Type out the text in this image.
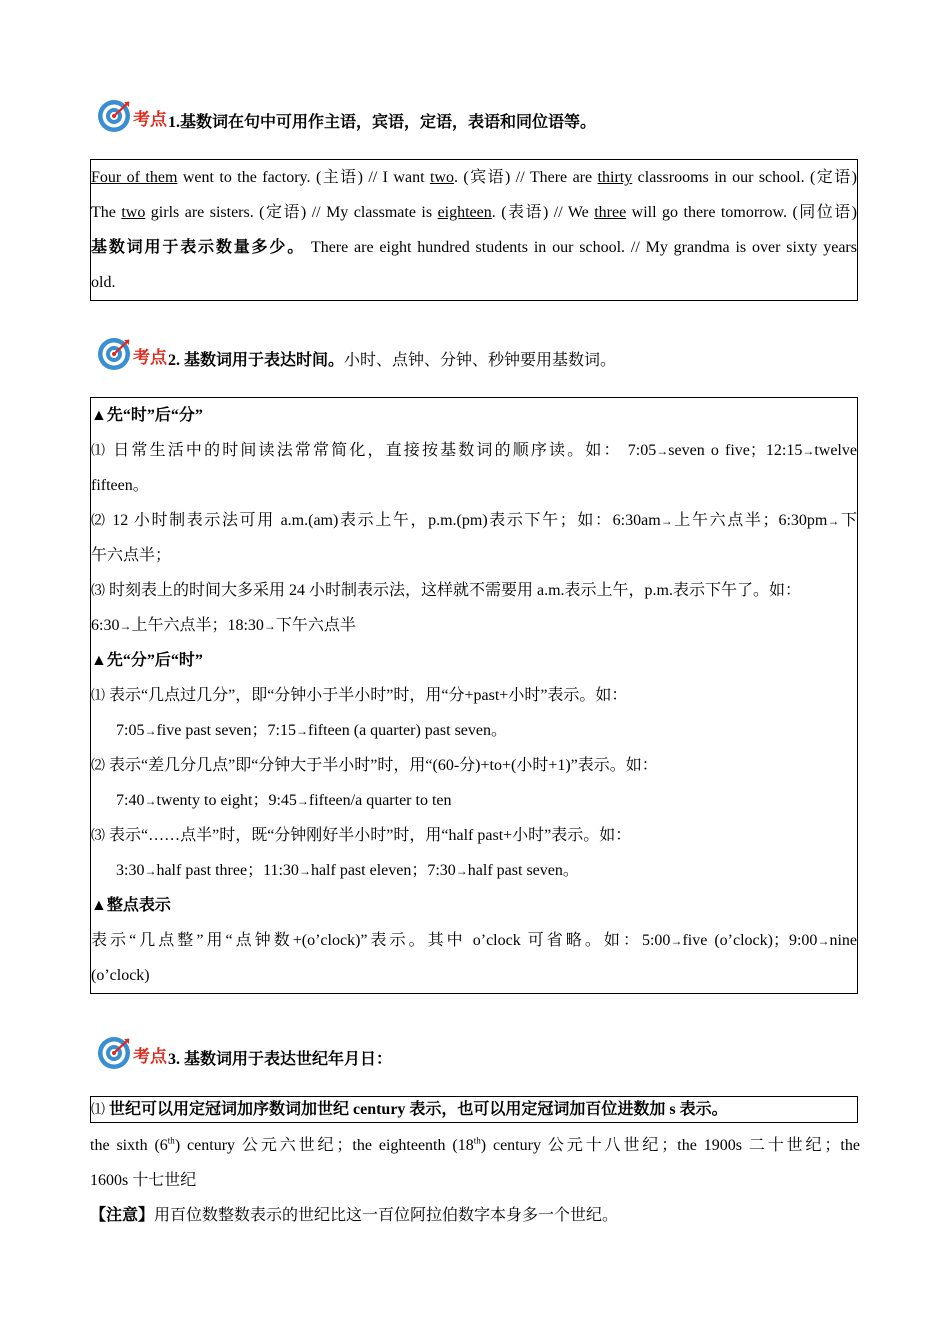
考点 1.基数词在句中可用作主语，宾语，定语，表语和同位语等。
Four of them went to the factory. (主语) // I want two. (宾语) // There are thirty classrooms in our school. (定语)
The two girls are sisters. (定语) // My classmate is eighteen. (表语) // We three will go there tomorrow. (同位语)
基数词用于表示数量多少。 There are eight hundred students in our school. // My grandma is over sixty years
old.
考点 2. 基数词用于表达时间。小时、点钟、分钟、秒钟要用基数词。
▲先“时”后“分”
⑴ 日常生活中的时间读法常常简化，直接按基数词的顺序读。如： 7:05→seven o five；12:15→twelve
fifteen。
⑵ 12 小时制表示法可用 a.m.(am)表示上午，p.m.(pm)表示下午；如：6:30am→上午六点半；6:30pm→下
午六点半；
⑶ 时刻表上的时间大多采用 24 小时制表示法，这样就不需要用 a.m.表示上午，p.m.表示下午了。如：
6:30→上午六点半；18:30→下午六点半
▲先“分”后“时”
⑴ 表示“几点过几分”，即“分钟小于半小时”时，用“分+past+小时”表示。如：
7:05→five past seven；7:15→fifteen (a quarter) past seven。
⑵ 表示“差几分几点”即“分钟大于半小时”时，用“(60-分)+to+(小时+1)”表示。如：
7:40→twenty to eight；9:45→fifteen/a quarter to ten
⑶ 表示“……点半”时，既“分钟刚好半小时”时，用“half past+小时”表示。如：
3:30→half past three；11:30→half past eleven；7:30→half past seven。
▲整点表示
表示“几点整”用“点钟数+(o’clock)”表示。其中 o’clock 可省略。如：5:00→five (o’clock)；9:00→nine
(o’clock)
考点 3. 基数词用于表达世纪年月日：
⑴ 世纪可以用定冠词加序数词加世纪 century 表示，也可以用定冠词加百位进数加 s 表示。
the sixth (6th) century 公元六世纪；the eighteenth (18th) century 公元十八世纪；the 1900s 二十世纪；the
1600s 十七世纪
【注意】用百位数整数表示的世纪比这一百位阿拉伯数字本身多一个世纪。
